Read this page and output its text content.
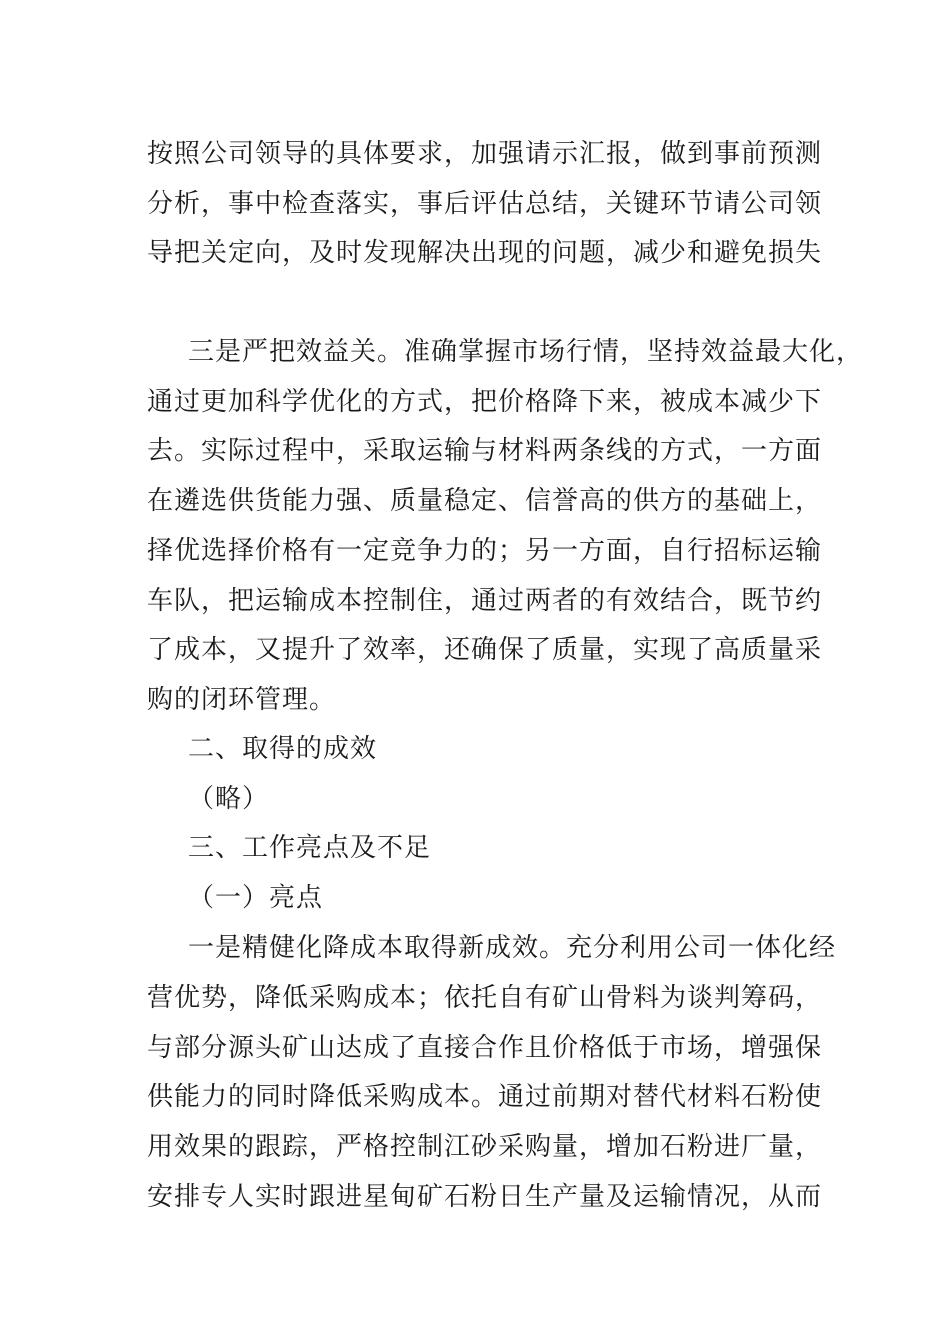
按照公司领导的具体要求，加强请示汇报，做到事前预测
分析，事中检查落实，事后评估总结，关键环节请公司领
导把关定向，及时发现解决出现的问题，减少和避免损失
三是严把效益关。准确掌握市场行情，坚持效益最大化，
通过更加科学优化的方式，把价格降下来，被成本减少下
去。实际过程中，采取运输与材料两条线的方式，一方面
在遴选供货能力强、质量稳定、信誉高的供方的基础上，
择优选择价格有一定竞争力的；另一方面，自行招标运输
车队，把运输成本控制住，通过两者的有效结合，既节约
了成本，又提升了效率，还确保了质量，实现了高质量采
购的闭环管理。
二、取得的成效
（略）
三、工作亮点及不足
（一）亮点
一是精健化降成本取得新成效。充分利用公司一体化经
营优势，降低采购成本；依托自有矿山骨料为谈判筹码，
与部分源头矿山达成了直接合作且价格低于市场，增强保
供能力的同时降低采购成本。通过前期对替代材料石粉使
用效果的跟踪，严格控制江砂采购量，增加石粉进厂量，
安排专人实时跟进星甸矿石粉日生产量及运输情况，从而
